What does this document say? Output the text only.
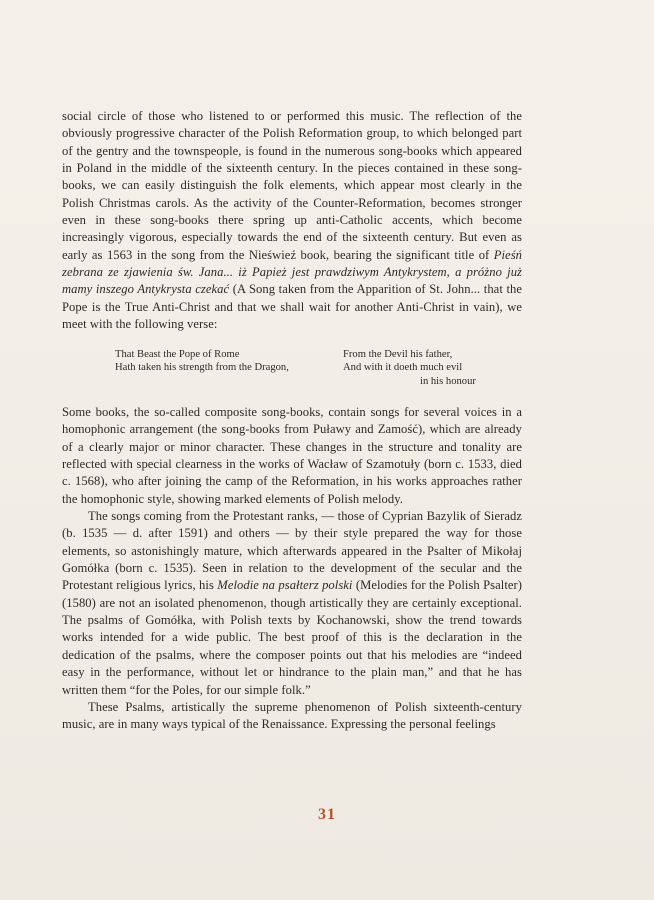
social circle of those who listened to or performed this music. The reflection of the obviously progressive character of the Polish Reformation group, to which belonged part of the gentry and the townspeople, is found in the numerous song-books which appeared in Poland in the middle of the sixteenth century. In the pieces contained in these song-books, we can easily distinguish the folk elements, which appear most clearly in the Polish Christmas carols. As the activity of the Counter-Reformation, becomes stronger even in these song-books there spring up anti-Catholic accents, which become increasingly vigorous, especially towards the end of the sixteenth century. But even as early as 1563 in the song from the Nieświeź book, bearing the significant title of Pieśń zebrana ze zjawienia św. Jana... iż Papież jest prawdziwym Antykrystem, a próżno już mamy inszego Antykrysta czekać (A Song taken from the Apparition of St. John... that the Pope is the True Anti-Christ and that we shall wait for another Anti-Christ in vain), we meet with the following verse:

That Beast the Pope of Rome
Hath taken his strength from the Dragon,
From the Devil his father,
And with it doeth much evil
in his honour

Some books, the so-called composite song-books, contain songs for several voices in a homophonic arrangement (the song-books from Puławy and Zamość), which are already of a clearly major or minor character. These changes in the structure and tonality are reflected with special clearness in the works of Wacław of Szamotuły (born c. 1533, died c. 1568), who after joining the camp of the Reformation, in his works approaches rather the homophonic style, showing marked elements of Polish melody.

The songs coming from the Protestant ranks, — those of Cyprian Bazylik of Sieradz (b. 1535 — d. after 1591) and others — by their style prepared the way for those elements, so astonishingly mature, which afterwards appeared in the Psalter of Mikołaj Gomółka (born c. 1535). Seen in relation to the development of the secular and the Protestant religious lyrics, his Melodie na psałterz polski (Melodies for the Polish Psalter) (1580) are not an isolated phenomenon, though artistically they are certainly exceptional. The psalms of Gomółka, with Polish texts by Kochanowski, show the trend towards works intended for a wide public. The best proof of this is the declaration in the dedication of the psalms, where the composer points out that his melodies are “indeed easy in the performance, without let or hindrance to the plain man,” and that he has written them “for the Poles, for our simple folk.”

These Psalms, artistically the supreme phenomenon of Polish sixteenth-century music, are in many ways typical of the Renaissance. Expressing the personal feelings

31
